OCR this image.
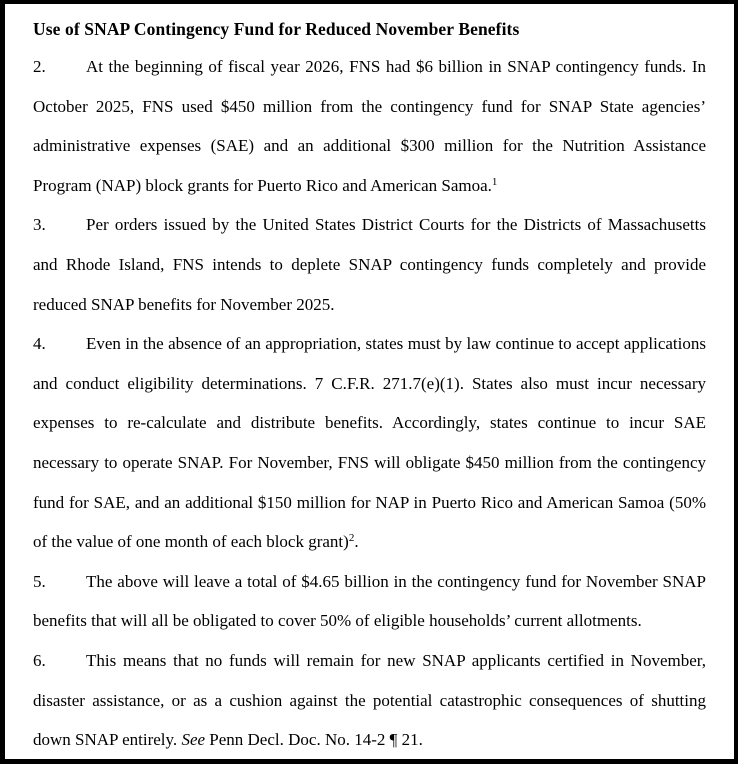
Use of SNAP Contingency Fund for Reduced November Benefits

2. At the beginning of fiscal year 2026, FNS had $6 billion in SNAP contingency funds. In October 2025, FNS used $450 million from the contingency fund for SNAP State agencies’ administrative expenses (SAE) and an additional $300 million for the Nutrition Assistance Program (NAP) block grants for Puerto Rico and American Samoa.$^1$

3. Per orders issued by the United States District Courts for the Districts of Massachusetts and Rhode Island, FNS intends to deplete SNAP contingency funds completely and provide reduced SNAP benefits for November 2025.

4. Even in the absence of an appropriation, states must by law continue to accept applications and conduct eligibility determinations. 7 C.F.R. 271.7(e)(1). States also must incur necessary expenses to re-calculate and distribute benefits. Accordingly, states continue to incur SAE necessary to operate SNAP. For November, FNS will obligate $450 million from the contingency fund for SAE, and an additional $150 million for NAP in Puerto Rico and American Samoa (50% of the value of one month of each block grant)$^2$.

5. The above will leave a total of $4.65 billion in the contingency fund for November SNAP benefits that will all be obligated to cover 50% of eligible households’ current allotments.

6. This means that no funds will remain for new SNAP applicants certified in November, disaster assistance, or as a cushion against the potential catastrophic consequences of shutting down SNAP entirely. See Penn Decl. Doc. No. 14-2 ¶ 21.
